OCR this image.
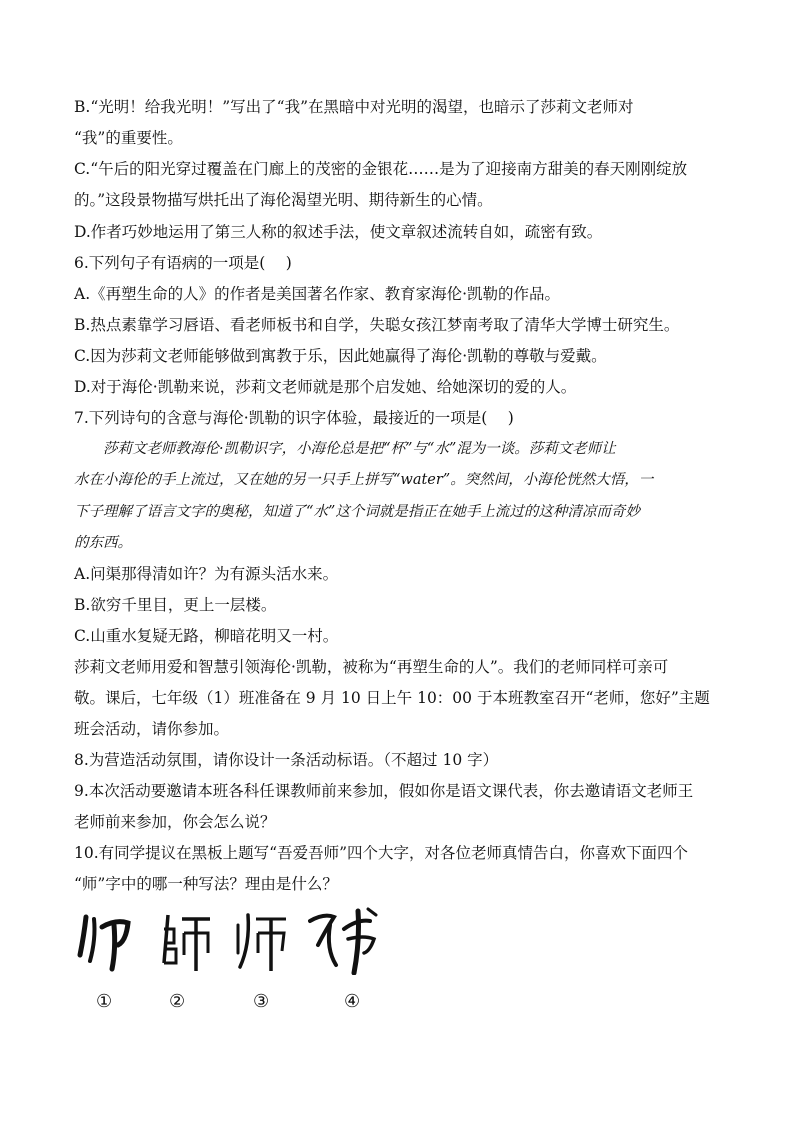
B.“光明！给我光明！”写出了“我”在黑暗中对光明的渴望，也暗示了莎莉文老师对
“我”的重要性。
C.“午后的阳光穿过覆盖在门廊上的茂密的金银花……是为了迎接南方甜美的春天刚刚绽放
的。”这段景物描写烘托出了海伦渴望光明、期待新生的心情。
D.作者巧妙地运用了第三人称的叙述手法，使文章叙述流转自如，疏密有致。
6.下列句子有语病的一项是(　 )
A.《再塑生命的人》的作者是美国著名作家、教育家海伦·凯勒的作品。
B.热点素靠学习唇语、看老师板书和自学，失聪女孩江梦南考取了清华大学博士研究生。
C.因为莎莉文老师能够做到寓教于乐，因此她赢得了海伦·凯勒的尊敬与爱戴。
D.对于海伦·凯勒来说，莎莉文老师就是那个启发她、给她深切的爱的人。
7.下列诗句的含意与海伦·凯勒的识字体验，最接近的一项是(　 )
　　莎莉文老师教海伦·凯勒识字，小海伦总是把“杯”与“水”混为一谈。莎莉文老师让
水在小海伦的手上流过，又在她的另一只手上拼写“water”。突然间，小海伦恍然大悟，一
下子理解了语言文字的奥秘，知道了“水”这个词就是指正在她手上流过的这种清凉而奇妙
的东西。
A.问渠那得清如许？为有源头活水来。
B.欲穷千里目，更上一层楼。
C.山重水复疑无路，柳暗花明又一村。
莎莉文老师用爱和智慧引领海伦·凯勒，被称为“再塑生命的人”。我们的老师同样可亲可
敬。课后，七年级（1）班准备在 9 月 10 日上午 10：00 于本班教室召开“老师，您好”主题
班会活动，请你参加。
8.为营造活动氛围，请你设计一条活动标语。（不超过 10 字）
9.本次活动要邀请本班各科任课教师前来参加，假如你是语文课代表，你去邀请语文老师王
老师前来参加，你会怎么说？
10.有同学提议在黑板上题写“吾爱吾师”四个大字，对各位老师真情告白，你喜欢下面四个
“师”字中的哪一种写法？理由是什么？
①	②	③	④
